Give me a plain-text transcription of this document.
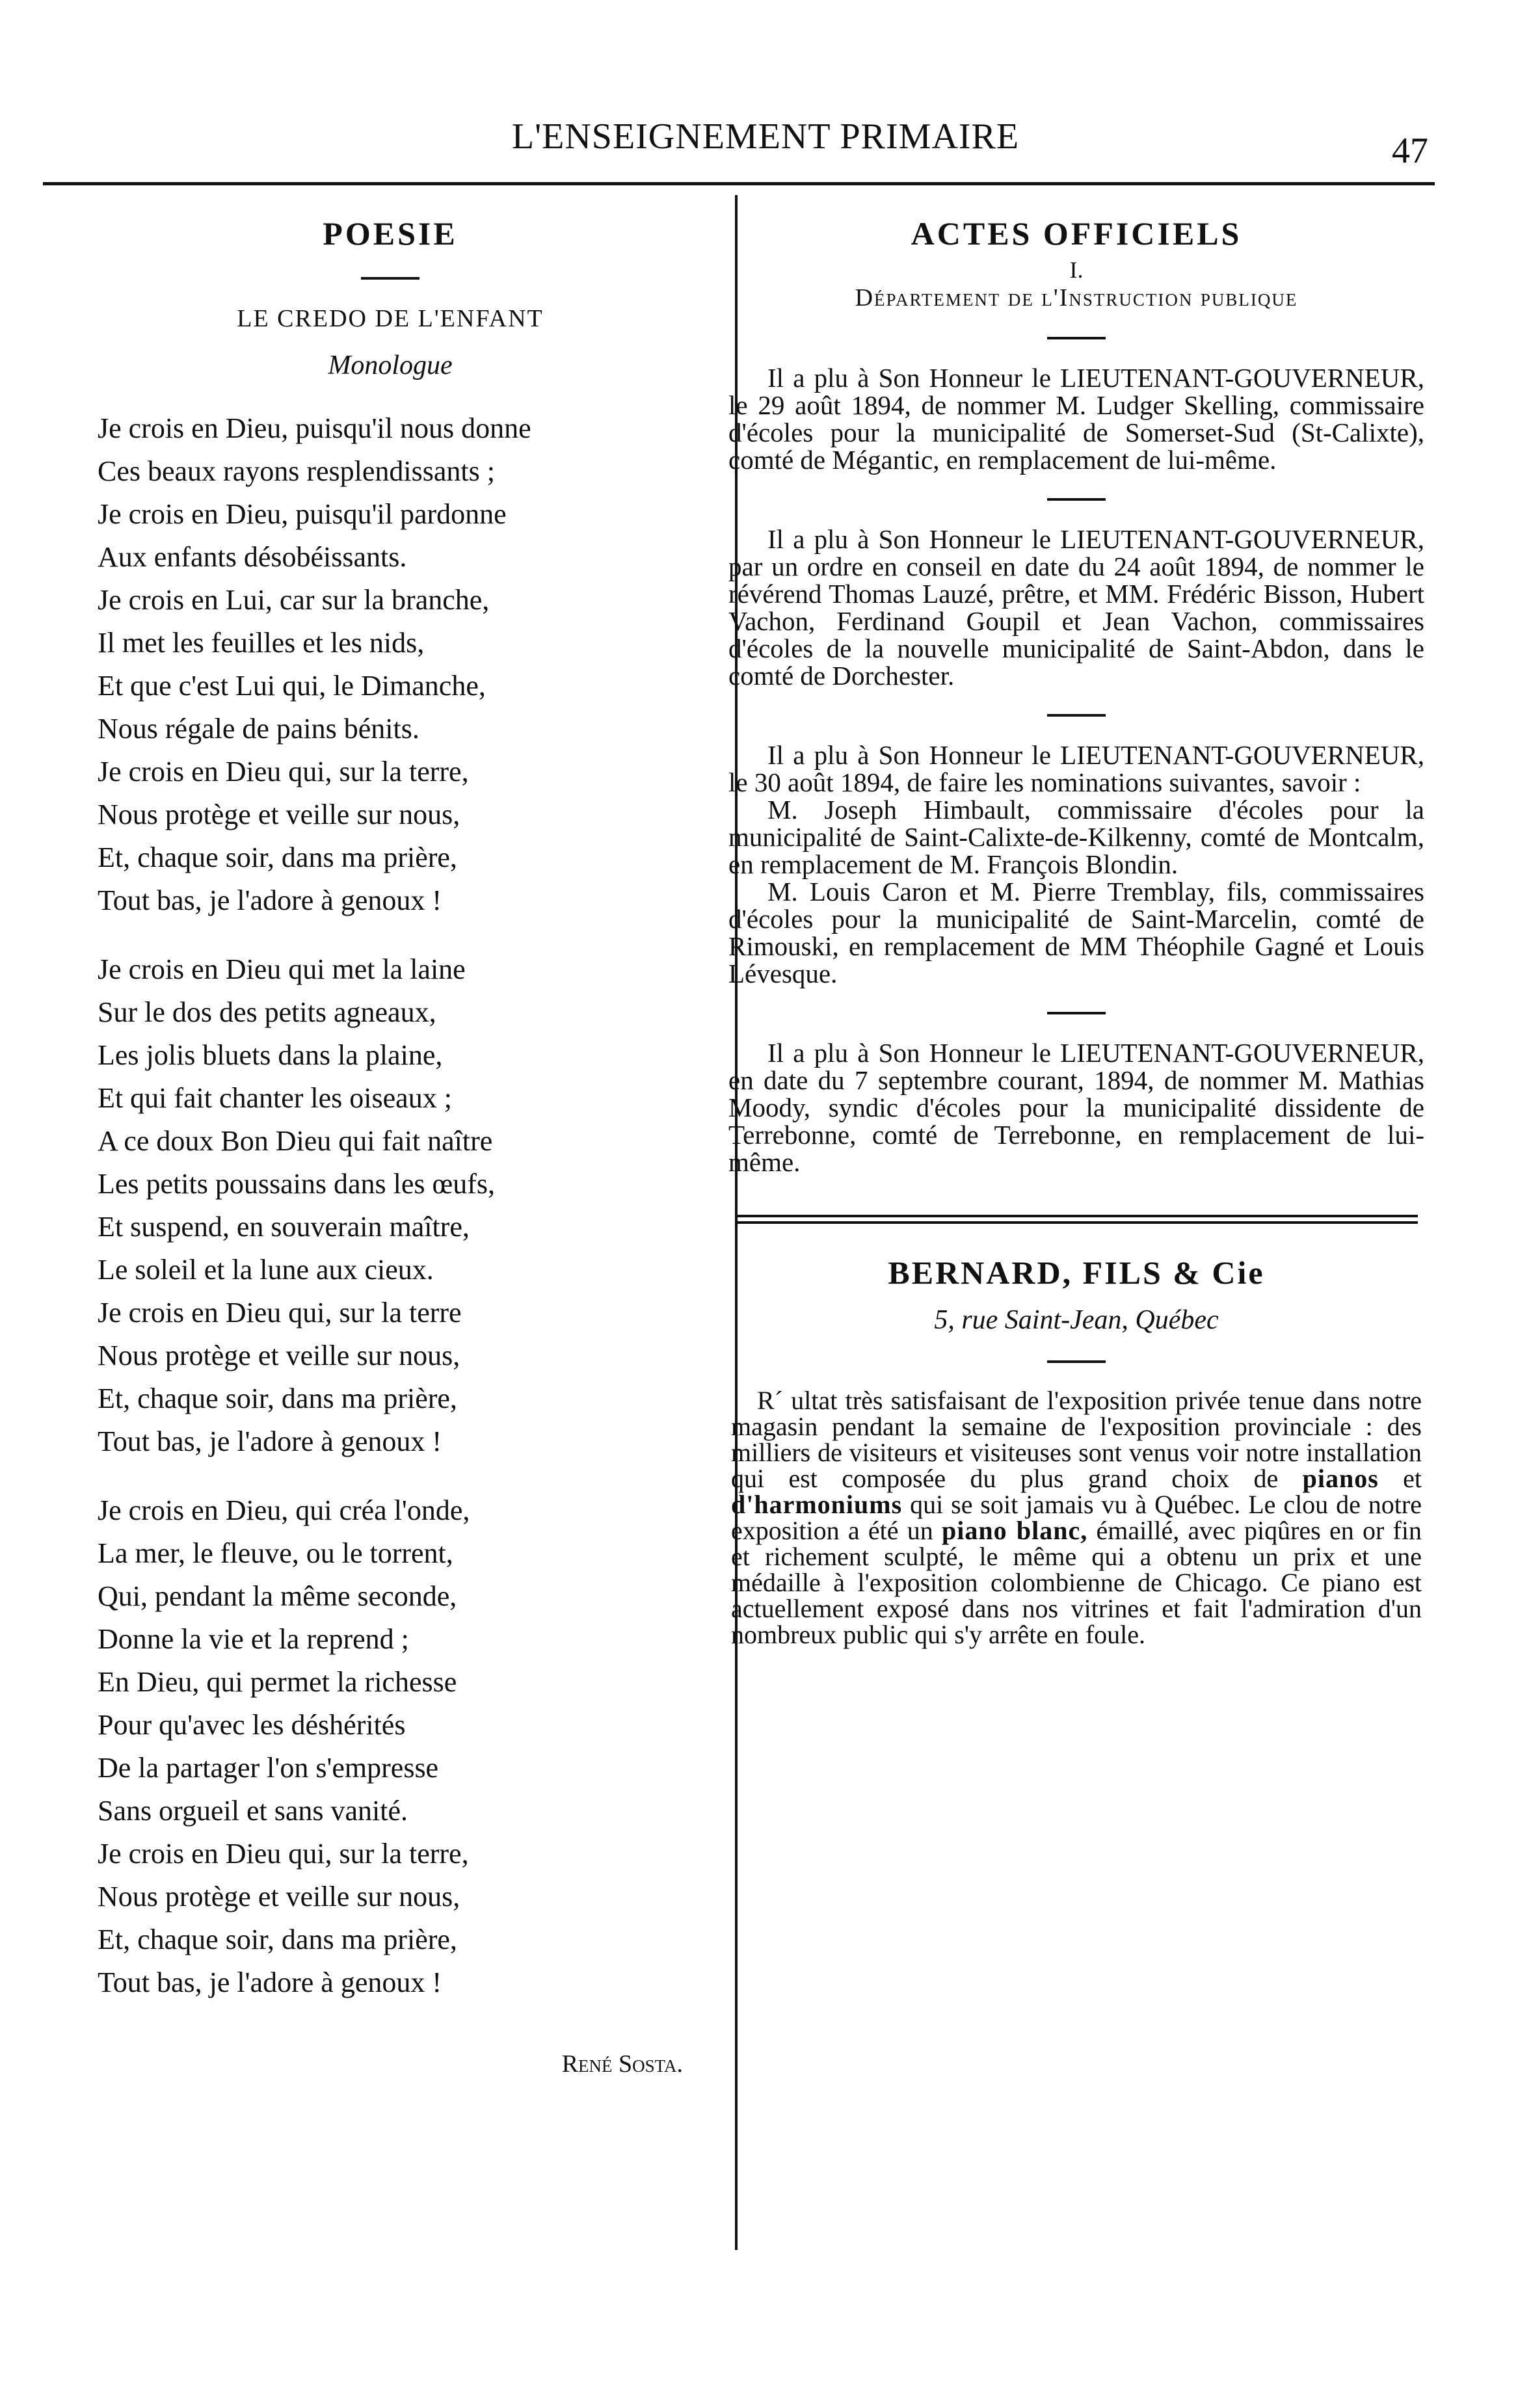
L'ENSEIGNEMENT PRIMAIRE	47
POESIE
LE CREDO DE L'ENFANT
Monologue
Je crois en Dieu, puisqu'il nous donne
Ces beaux rayons resplendissants ;
Je crois en Dieu, puisqu'il pardonne
Aux enfants désobéissants.
Je crois en Lui, car sur la branche,
Il met les feuilles et les nids,
Et que c'est Lui qui, le Dimanche,
Nous régale de pains bénits.
Je crois en Dieu qui, sur la terre,
Nous protège et veille sur nous,
Et, chaque soir, dans ma prière,
Tout bas, je l'adore à genoux !
Je crois en Dieu qui met la laine
Sur le dos des petits agneaux,
Les jolis bluets dans la plaine,
Et qui fait chanter les oiseaux ;
A ce doux Bon Dieu qui fait naître
Les petits poussains dans les œufs,
Et suspend, en souverain maître,
Le soleil et la lune aux cieux.
Je crois en Dieu qui, sur la terre
Nous protège et veille sur nous,
Et, chaque soir, dans ma prière,
Tout bas, je l'adore à genoux !
Je crois en Dieu, qui créa l'onde,
La mer, le fleuve, ou le torrent,
Qui, pendant la même seconde,
Donne la vie et la reprend ;
En Dieu, qui permet la richesse
Pour qu'avec les déshérités
De la partager l'on s'empresse
Sans orgueil et sans vanité.
Je crois en Dieu qui, sur la terre,
Nous protège et veille sur nous,
Et, chaque soir, dans ma prière,
Tout bas, je l'adore à genoux !
René Sosta.
ACTES OFFICIELS
I.
Département de l'Instruction publique

Il a plu à Son Honneur le LIEUTENANT-GOUVERNEUR, le 29 août 1894, de nommer M. Ludger Skelling, commissaire d'écoles pour la municipalité de Somerset-Sud (St-Calixte), comté de Mégantic, en remplacement de lui-même.

Il a plu à Son Honneur le LIEUTENANT-GOUVERNEUR, par un ordre en conseil en date du 24 août 1894, de nommer le révérend Thomas Lauzé, prêtre, et MM. Frédéric Bisson, Hubert Vachon, Ferdinand Goupil et Jean Vachon, commissaires d'écoles de la nouvelle municipalité de Saint-Abdon, dans le comté de Dorchester.

Il a plu à Son Honneur le LIEUTENANT-GOUVERNEUR, le 30 août 1894, de faire les nominations suivantes, savoir :

M. Joseph Himbault, commissaire d'écoles pour la municipalité de Saint-Calixte-de-Kilkenny, comté de Montcalm, en remplacement de M. François Blondin.

M. Louis Caron et M. Pierre Tremblay, fils, commissaires d'écoles pour la municipalité de Saint-Marcelin, comté de Rimouski, en remplacement de MM Théophile Gagné et Louis Lévesque.

Il a plu à Son Honneur le LIEUTENANT-GOUVERNEUR, en date du 7 septembre courant, 1894, de nommer M. Mathias Moody, syndic d'écoles pour la municipalité dissidente de Terrebonne, comté de Terrebonne, en remplacement de lui-même.

BERNARD, FILS & Cie
5, rue Saint-Jean, Québec

R´ ultat très satisfaisant de l'exposition privée tenue dans notre magasin pendant la semaine de l'exposition provinciale : des milliers de visiteurs et visiteuses sont venus voir notre installation qui est composée du plus grand choix de pianos et d'harmoniums qui se soit jamais vu à Québec. Le clou de notre exposition a été un piano blanc, émaillé, avec piqûres en or fin et richement sculpté, le même qui a obtenu un prix et une médaille à l'exposition colombienne de Chicago. Ce piano est actuellement exposé dans nos vitrines et fait l'admiration d'un nombreux public qui s'y arrête en foule.
